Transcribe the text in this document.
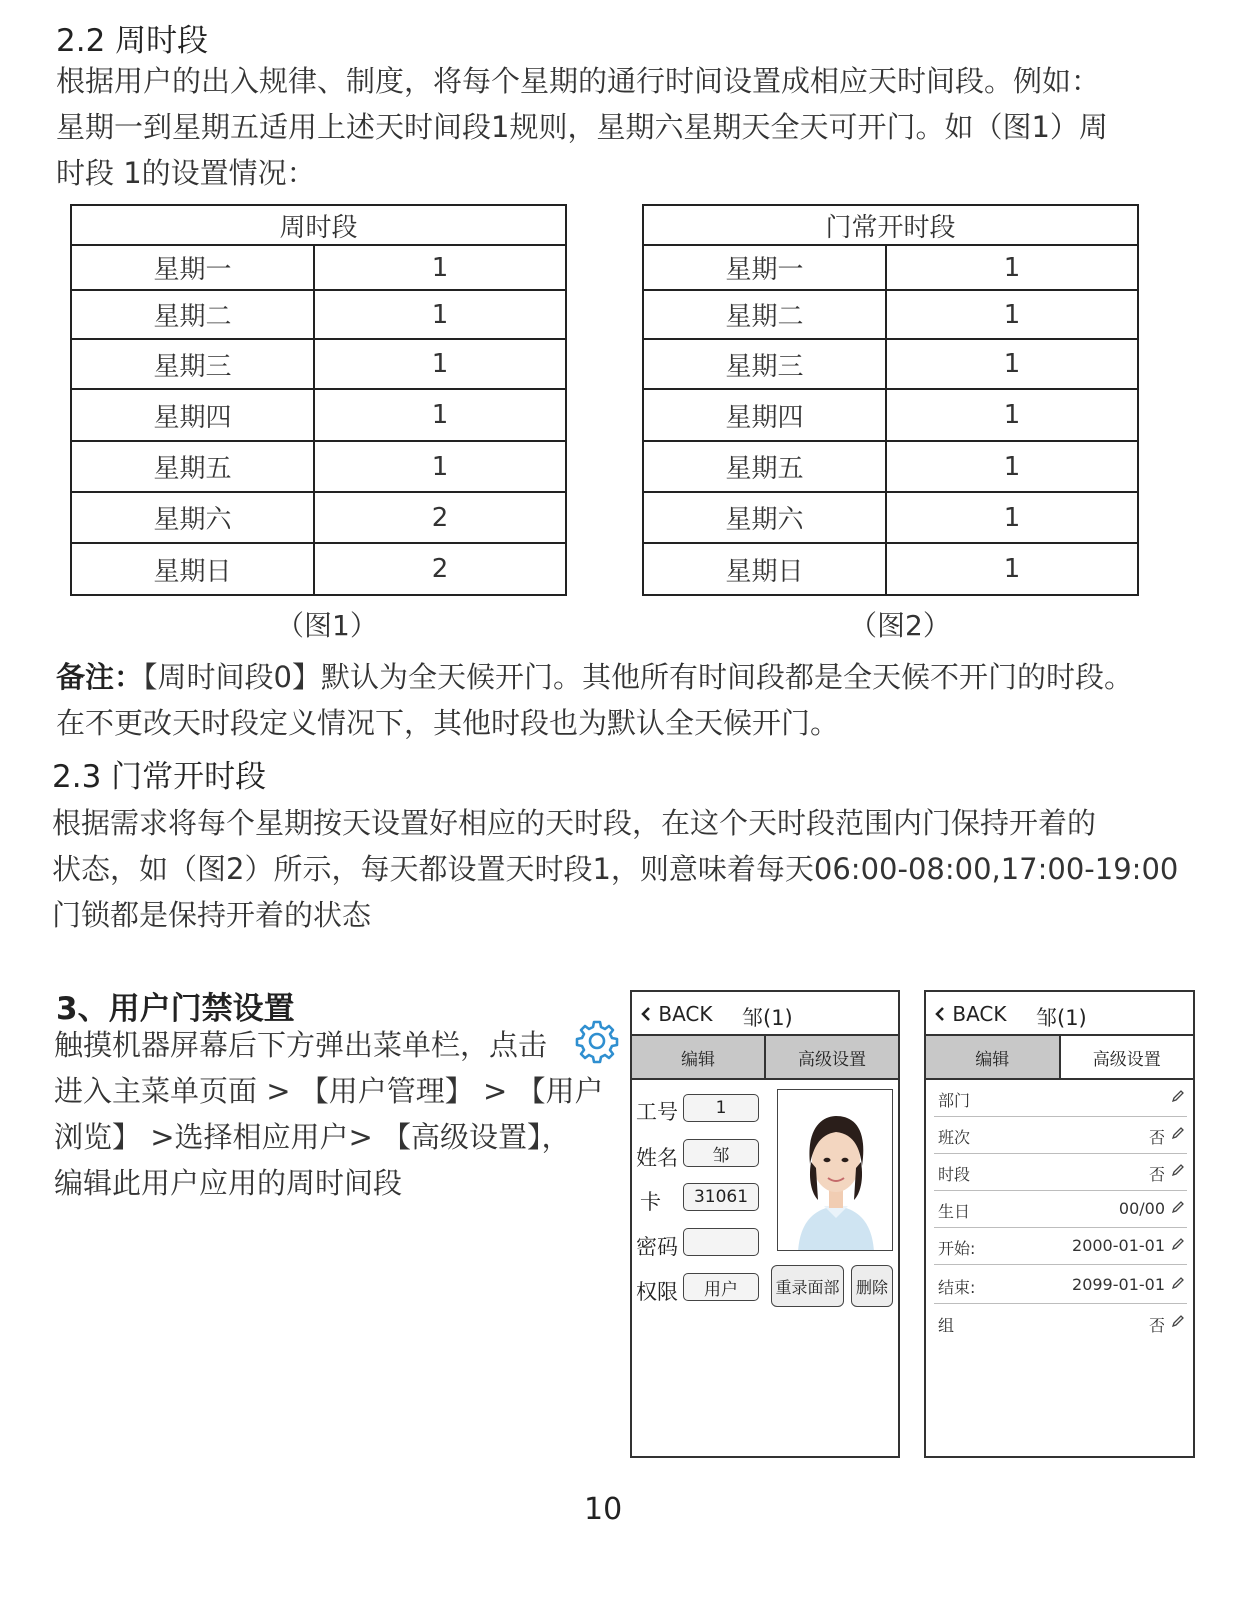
2.2 周时段

根据用户的出入规律、制度，将每个星期的通行时间设置成相应天时间段。例如：
星期一到星期五适用上述天时间段1规则，星期六星期天全天可开门。如（图1）周
时段 1的设置情况：

周时段	
星期一	1
星期二	1
星期三	1
星期四	1
星期五	1
星期六	2
星期日	2
（图1）
门常开时段	
星期一	1
星期二	1
星期三	1
星期四	1
星期五	1
星期六	1
星期日	1
（图2）
备注：【周时间段0】默认为全天候开门。其他所有时间段都是全天候不开门的时段。
在不更改天时段定义情况下，其他时段也为默认全天候开门。
2.3 门常开时段

根据需求将每个星期按天设置好相应的天时段，在这个天时段范围内门保持开着的
状态，如（图2）所示，每天都设置天时段1，则意味着每天06:00-08:00,17:00-19:00
门锁都是保持开着的状态

3、用户门禁设置

触摸机器屏幕后下方弹出菜单栏，点击
进入主菜单页面 > 【用户管理】 > 【用户
浏览】 >选择相应用户> 【高级设置】，
编辑此用户应用的周时间段

BACK 邹(1)
编辑	高级设置
工号	1
姓名	邹
卡	31061
密码
权限	用户	重录面部	删除
BACK 邹(1)
编辑	高级设置
部门
班次	否
时段	否
生日	00/00
开始:	2000-01-01
结束:	2099-01-01
组	否
10
